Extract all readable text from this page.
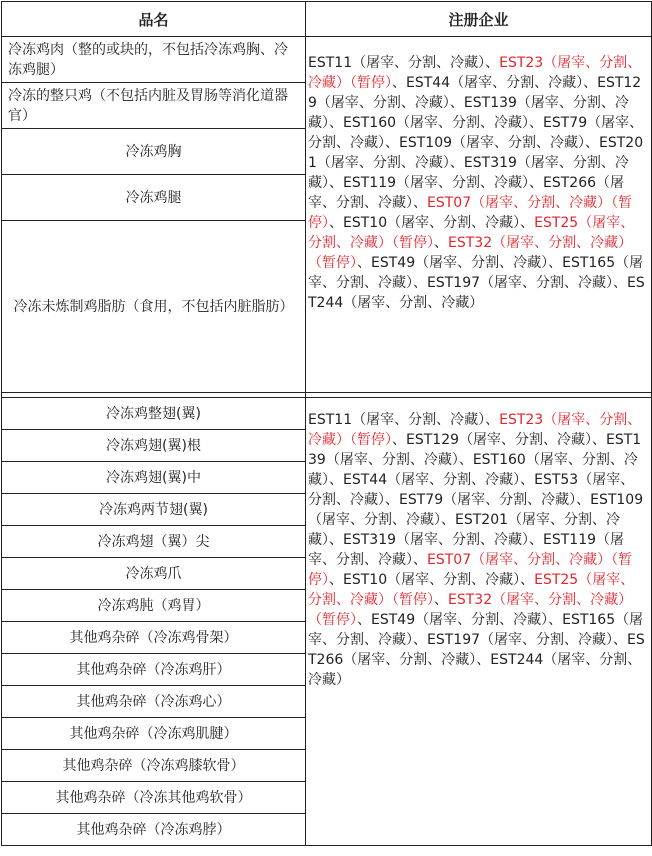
品名	注册企业
冷冻鸡肉（整的或块的，不包括冷冻鸡胸、冷冻鸡腿）	EST11（屠宰、分割、冷藏）、EST23（屠宰、分割、冷藏）（暂停）、EST44（屠宰、分割、冷藏）、EST129（屠宰、分割、冷藏）、EST139（屠宰、分割、冷藏）、EST160（屠宰、分割、冷藏）、EST79（屠宰、分割、冷藏）、EST109（屠宰、分割、冷藏）、EST201（屠宰、分割、冷藏）、EST319（屠宰、分割、冷藏）、EST119（屠宰、分割、冷藏）、EST266（屠宰、分割、冷藏）、EST07（屠宰、分割、冷藏）（暂停）、EST10（屠宰、分割、冷藏）、EST25（屠宰、分割、冷藏）（暂停）、EST32（屠宰、分割、冷藏）（暂停）、EST49（屠宰、分割、冷藏）、EST165（屠宰、分割、冷藏）、EST197（屠宰、分割、冷藏）、EST244（屠宰、分割、冷藏）
冷冻的整只鸡（不包括内脏及胃肠等消化道器官）	
冷冻鸡胸	
冷冻鸡腿	
冷冻未炼制鸡脂肪（食用，不包括内脏脂肪）	

冷冻鸡整翅(翼)	EST11（屠宰、分割、冷藏）、EST23（屠宰、分割、冷藏）（暂停）、EST129（屠宰、分割、冷藏）、EST139（屠宰、分割、冷藏）、EST160（屠宰、分割、冷藏）、EST44（屠宰、分割、冷藏）、EST53（屠宰、分割、冷藏）、EST79（屠宰、分割、冷藏）、EST109（屠宰、分割、冷藏）、EST201（屠宰、分割、冷藏）、EST319（屠宰、分割、冷藏）、EST119（屠宰、分割、冷藏）、EST07（屠宰、分割、冷藏）（暂停）、EST10（屠宰、分割、冷藏）、EST25（屠宰、分割、冷藏）（暂停）、EST32（屠宰、分割、冷藏）（暂停）、EST49（屠宰、分割、冷藏）、EST165（屠宰、分割、冷藏）、EST197（屠宰、分割、冷藏）、EST266（屠宰、分割、冷藏）、EST244（屠宰、分割、冷藏）
冷冻鸡翅(翼)根	
冷冻鸡翅(翼)中	
冷冻鸡两节翅(翼)	
冷冻鸡翅（翼）尖	
冷冻鸡爪	
冷冻鸡肫（鸡胃）	
其他鸡杂碎（冷冻鸡骨架）	
其他鸡杂碎（冷冻鸡肝）	
其他鸡杂碎（冷冻鸡心）	
其他鸡杂碎（冷冻鸡肌腱）	
其他鸡杂碎（冷冻鸡膝软骨）	
其他鸡杂碎（冷冻其他鸡软骨）	
其他鸡杂碎（冷冻鸡脖）	
